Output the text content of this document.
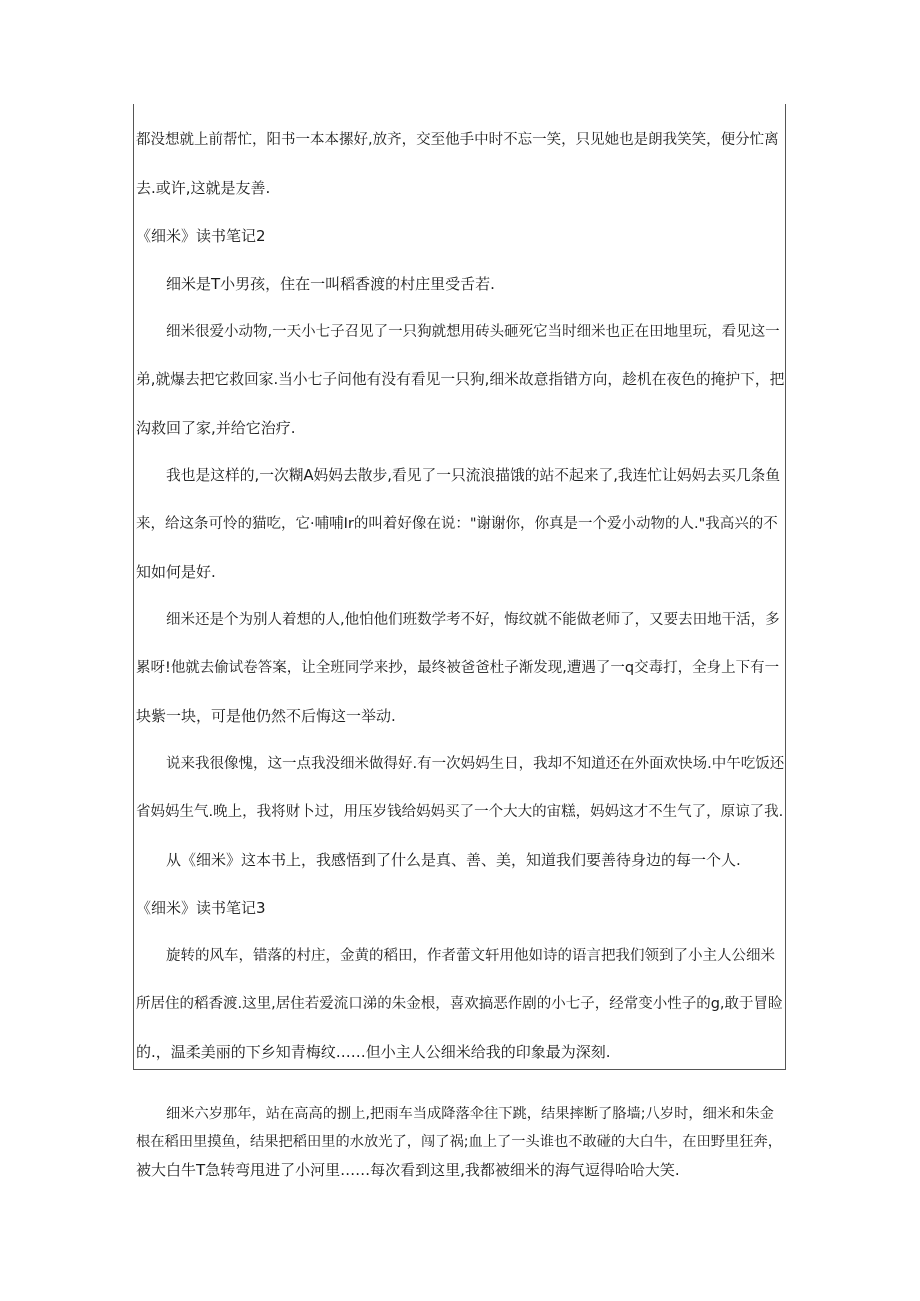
都没想就上前帮忙，阳书一本本摞好,放齐，交至他手中时不忘一笑，只见她也是朗我笑笑，便分忙离
去.或许,这就是友善.
《细米》读书笔记2
细米是T小男孩，住在一叫稻香渡的村庄里受舌若.
细米很爱小动物,一天小七子召见了一只狗就想用砖头砸死它当时细米也正在田地里玩，看见这一
弟,就爆去把它救回家.当小七子问他有没有看见一只狗,细米故意指错方向，趁机在夜色的掩护下，把
沟救回了家,并给它治疗.
我也是这样的,一次糊A妈妈去散步,看见了一只流浪描饿的站不起来了,我连忙让妈妈去买几条鱼
来，给这条可怜的猫吃，它·哺哺Ir的叫着好像在说："谢谢你，你真是一个爱小动物的人."我高兴的不
知如何是好.
细米还是个为别人着想的人,他怕他们班数学考不好，悔纹就不能做老师了，又要去田地干活，多
累呀!他就去偷试卷答案，让全班同学来抄，最终被爸爸杜子渐发现,遭遇了一q交毒打，全身上下有一
块紫一块，可是他仍然不后悔这一举动.
说来我很像愧，这一点我没细米做得好.有一次妈妈生日，我却不知道还在外面欢快场.中午吃饭还
省妈妈生气.晚上，我将财卜过，用压岁钱给妈妈买了一个大大的宙糕，妈妈这才不生气了，原谅了我.
从《细米》这本书上，我感悟到了什么是真、善、美，知道我们要善待身边的每一个人.
《细米》读书笔记3
旋转的风车，错落的村庄，金黄的稻田，作者蕾文轩用他如诗的语言把我们领到了小主人公细米
所居住的稻香渡.这里,居住若爱流口涕的朱金根，喜欢搞恶作剧的小七子，经常变小性子的g,敢于冒睑
的.，温柔美丽的下乡知青梅纹……但小主人公细米给我的印象最为深刻.
细米六岁那年，站在高高的捌上,把雨车当成降落伞往下跳，结果摔断了胳墙;八岁时，细米和朱金
根在稻田里摸鱼，结果把稻田里的水放光了，闯了祸;血上了一头谁也不敢碰的大白牛，在田野里狂奔，
被大白牛T急转弯甩进了小河里……每次看到这里,我都被细米的海气逗得哈哈大笑.
